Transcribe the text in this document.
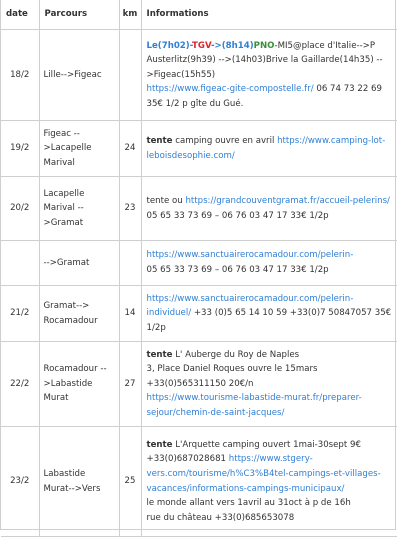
date	Parcours	km	Informations
18/2	Lille-->Figeac		Le(7h02)-TGV->(8h14)PNO-MI5@place d'Italie-->P Austerlitz(9h39) -->(14h03)Brive la Gaillarde(14h35) -->Figeac(15h55)
https://www.figeac-gite-compostelle.fr/ 06 74 73 22 69 35€ 1/2 p gîte du Gué.

19/2	Figeac -->Lacapelle Marival	24	tente camping ouvre en avril https://www.camping-lot-leboisdesophie.com/
20/2	Lacapelle Marival -->Gramat	23	tente ou https://grandcouventgramat.fr/accueil-pelerins/
05 65 33 73 69 – 06 76 03 47 17 33€ 1/2p

	-->Gramat		https://www.sanctuairerocamadour.com/pelerin-
05 65 33 73 69 – 06 76 03 47 17 33€ 1/2p

21/2	Gramat--> Rocamadour	14	https://www.sanctuairerocamadour.com/pelerin-individuel/ +33 (0)5 65 14 10 59 +33(0)7 50847057 35€ 1/2p
22/2	Rocamadour -->Labastide Murat	27	tente L' Auberge du Roy de Naples
3, Place Daniel Roques ouvre le 15mars
+33(0)565311150 20€/n
https://www.tourisme-labastide-murat.fr/preparer-sejour/chemin-de-saint-jacques/

23/2	Labastide Murat-->Vers	25	tente L'Arquette camping ouvert 1mai-30sept 9€
+33(0)687028681 https://www.stgery-vers.com/tourisme/h%C3%B4tel-campings-et-villages-vacances/informations-campings-municipaux/
le monde allant vers 1avril au 31oct à p de 16h
rue du château +33(0)685653078
